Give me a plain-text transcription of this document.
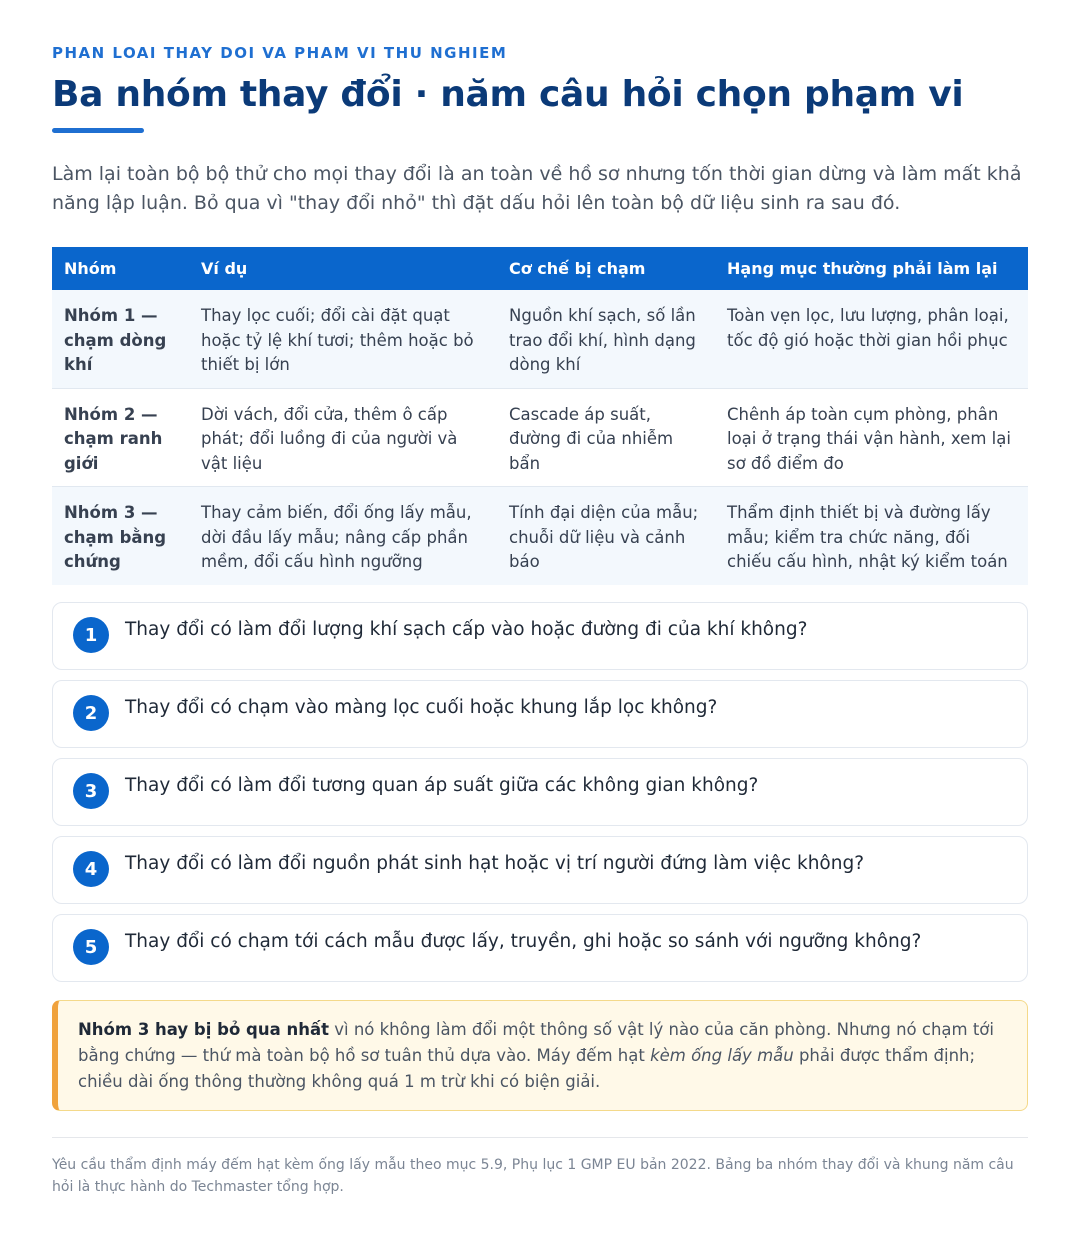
PHAN LOAI THAY DOI VA PHAM VI THU NGHIEM
Ba nhóm thay đổi · năm câu hỏi chọn phạm vi

Làm lại toàn bộ bộ thử cho mọi thay đổi là an toàn về hồ sơ nhưng tốn thời gian dừng và làm mất khả năng lập luận. Bỏ qua vì "thay đổi nhỏ" thì đặt dấu hỏi lên toàn bộ dữ liệu sinh ra sau đó.

Nhóm	Ví dụ	Cơ chế bị chạm	Hạng mục thường phải làm lại
Nhóm 1 — chạm dòng khí	Thay lọc cuối; đổi cài đặt quạt hoặc tỷ lệ khí tươi; thêm hoặc bỏ thiết bị lớn	Nguồn khí sạch, số lần trao đổi khí, hình dạng dòng khí	Toàn vẹn lọc, lưu lượng, phân loại, tốc độ gió hoặc thời gian hồi phục
Nhóm 2 — chạm ranh giới	Dời vách, đổi cửa, thêm ô cấp phát; đổi luồng đi của người và vật liệu	Cascade áp suất, đường đi của nhiễm bẩn	Chênh áp toàn cụm phòng, phân loại ở trạng thái vận hành, xem lại sơ đồ điểm đo
Nhóm 3 — chạm bằng chứng	Thay cảm biến, đổi ống lấy mẫu, dời đầu lấy mẫu; nâng cấp phần mềm, đổi cấu hình ngưỡng	Tính đại diện của mẫu; chuỗi dữ liệu và cảnh báo	Thẩm định thiết bị và đường lấy mẫu; kiểm tra chức năng, đối chiếu cấu hình, nhật ký kiểm toán
1	Thay đổi có làm đổi lượng khí sạch cấp vào hoặc đường đi của khí không?
2	Thay đổi có chạm vào màng lọc cuối hoặc khung lắp lọc không?
3	Thay đổi có làm đổi tương quan áp suất giữa các không gian không?
4	Thay đổi có làm đổi nguồn phát sinh hạt hoặc vị trí người đứng làm việc không?
5	Thay đổi có chạm tới cách mẫu được lấy, truyền, ghi hoặc so sánh với ngưỡng không?
Nhóm 3 hay bị bỏ qua nhất vì nó không làm đổi một thông số vật lý nào của căn phòng. Nhưng nó chạm tới bằng chứng — thứ mà toàn bộ hồ sơ tuân thủ dựa vào. Máy đếm hạt kèm ống lấy mẫu phải được thẩm định; chiều dài ống thông thường không quá 1 m trừ khi có biện giải.

Yêu cầu thẩm định máy đếm hạt kèm ống lấy mẫu theo mục 5.9, Phụ lục 1 GMP EU bản 2022. Bảng ba nhóm thay đổi và khung năm câu hỏi là thực hành do Techmaster tổng hợp.
